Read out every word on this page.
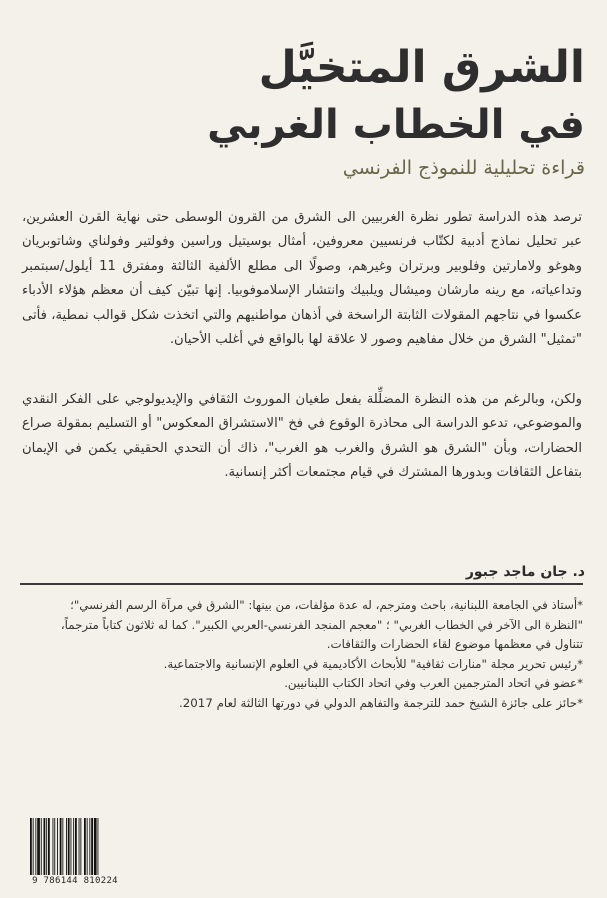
الشرق المتخيَّل
في الخطاب الغربي
قراءة تحليلية للنموذج الفرنسي
ترصد هذه الدراسة تطور نظرة الغربيين الى الشرق من القرون الوسطى حتى نهاية القرن العشرين، عبر تحليل نماذج أدبية لكتّاب فرنسيين معروفين، أمثال بوسيتيل وراسين وفولتير وفولناي وشاتوبريان وهوغو ولامارتين وفلوبير وبرتران وغيرهم، وصولًا الى مطلع الألفية الثالثة ومفترق 11 أيلول/سبتمبر وتداعياته، مع رينه مارشان وميشال ويلبيك وانتشار الإسلاموفوبيا. إنها تبيّن كيف أن معظم هؤلاء الأدباء عكسوا في نتاجهم المقولات الثابتة الراسخة في أذهان مواطنيهم والتي اتخذت شكل قوالب نمطية، فأتى "تمثيل" الشرق من خلال مفاهيم وصور لا علاقة لها بالواقع في أغلب الأحيان.
ولكن، وبالرغم من هذه النظرة المضلِّلة بفعل طغيان الموروث الثقافي والإيديولوجي على الفكر النقدي والموضوعي، تدعو الدراسة الى محاذرة الوقوع في فخ "الاستشراق المعكوس" أو التسليم بمقولة صراع الحضارات، وبأن "الشرق هو الشرق والغرب هو الغرب"، ذاك أن التحدي الحقيقي يكمن في الإيمان بتفاعل الثقافات وبدورها المشترك في قيام مجتمعات أكثر إنسانية.
د. جان ماجد جبور
*أستاذ في الجامعة اللبنانية، باحث ومترجم، له عدة مؤلفات، من بينها: "الشرق في مرآة الرسم الفرنسي"؛
"النظرة الى الآخر في الخطاب الغربي" ؛ "معجم المنجد الفرنسي-العربي الكبير". كما له ثلاثون كتاباً مترجماً،
تتناول في معظمها موضوع لقاء الحضارات والثقافات.
*رئيس تحرير مجلة "منارات ثقافية" للأبحاث الأكاديمية في العلوم الإنسانية والاجتماعية.
*عضو في اتحاد المترجمين العرب وفي اتحاد الكتاب اللبنانيين.
*حائز على جائزة الشيخ حمد للترجمة والتفاهم الدولي في دورتها الثالثة لعام 2017.
9 786144 810224
